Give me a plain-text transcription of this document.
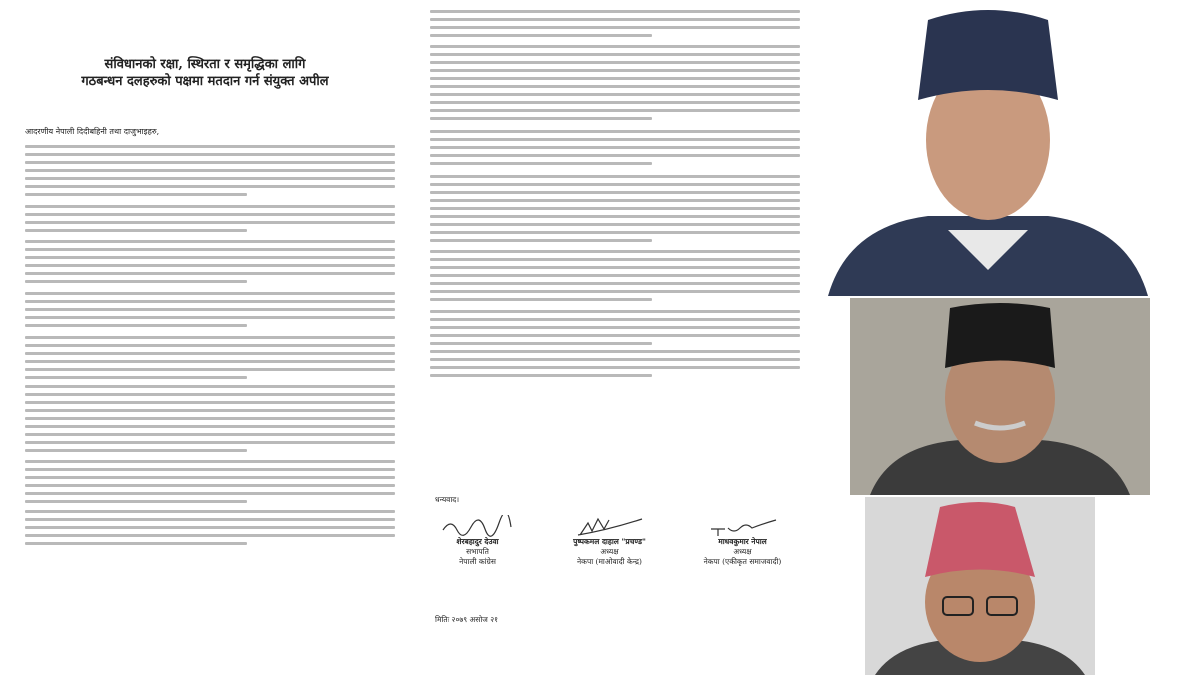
संविधानको रक्षा, स्थिरता र समृद्धिका लागि
गठबन्धन दलहरुको पक्षमा मतदान गर्न संयुक्त अपील
आदरणीय नेपाली दिदीबहिनी तथा दाजुभाइहरु,
धन्यवाद।
शेरबहादुर देउवा
सभापति
नेपाली कांग्रेस
पुष्पकमल दाहाल "प्रचण्ड"
अध्यक्ष
नेकपा (माओवादी केन्द्र)
माधवकुमार नेपाल
अध्यक्ष
नेकपा (एकीकृत समाजवादी)
मितिः २०७९ असोज २१
